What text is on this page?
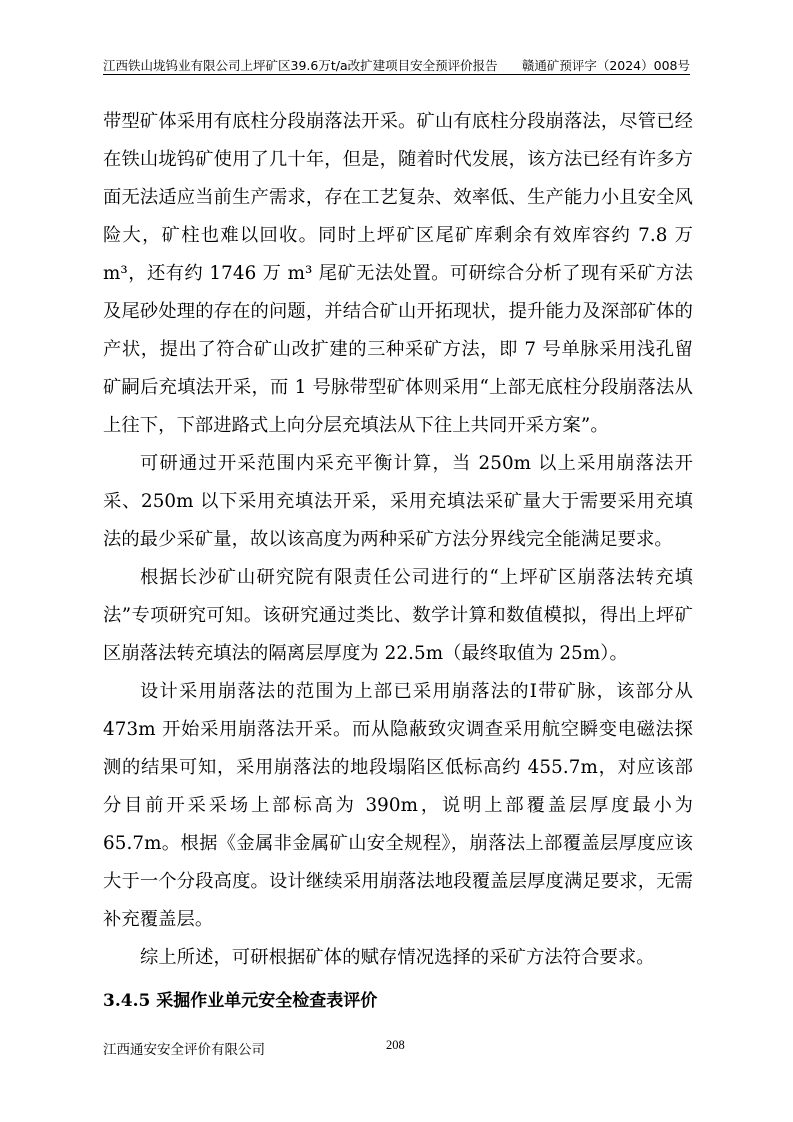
江西铁山垅钨业有限公司上坪矿区39.6万t/a改扩建项目安全预评价报告 赣通矿预评字（2024）008号

带型矿体采用有底柱分段崩落法开采。矿山有底柱分段崩落法，尽管已经在铁山垅钨矿使用了几十年，但是，随着时代发展，该方法已经有许多方面无法适应当前生产需求，存在工艺复杂、效率低、生产能力小且安全风险大，矿柱也难以回收。同时上坪矿区尾矿库剩余有效库容约 7.8 万 m³，还有约 1746 万 m³ 尾矿无法处置。可研综合分析了现有采矿方法及尾砂处理的存在的问题，并结合矿山开拓现状，提升能力及深部矿体的产状，提出了符合矿山改扩建的三种采矿方法，即 7 号单脉采用浅孔留矿嗣后充填法开采，而 1 号脉带型矿体则采用“上部无底柱分段崩落法从上往下，下部进路式上向分层充填法从下往上共同开采方案”。

可研通过开采范围内采充平衡计算，当 250m 以上采用崩落法开采、250m 以下采用充填法开采，采用充填法采矿量大于需要采用充填法的最少采矿量，故以该高度为两种采矿方法分界线完全能满足要求。

根据长沙矿山研究院有限责任公司进行的“上坪矿区崩落法转充填法”专项研究可知。该研究通过类比、数学计算和数值模拟，得出上坪矿区崩落法转充填法的隔离层厚度为 22.5m（最终取值为 25m）。

设计采用崩落法的范围为上部已采用崩落法的Ⅰ带矿脉，该部分从 473m 开始采用崩落法开采。而从隐蔽致灾调查采用航空瞬变电磁法探测的结果可知，采用崩落法的地段塌陷区低标高约 455.7m，对应该部分目前开采采场上部标高为 390m，说明上部覆盖层厚度最小为 65.7m。根据《金属非金属矿山安全规程》，崩落法上部覆盖层厚度应该大于一个分段高度。设计继续采用崩落法地段覆盖层厚度满足要求，无需补充覆盖层。

综上所述，可研根据矿体的赋存情况选择的采矿方法符合要求。

3.4.5 采掘作业单元安全检查表评价
江西通安安全评价有限公司	208
